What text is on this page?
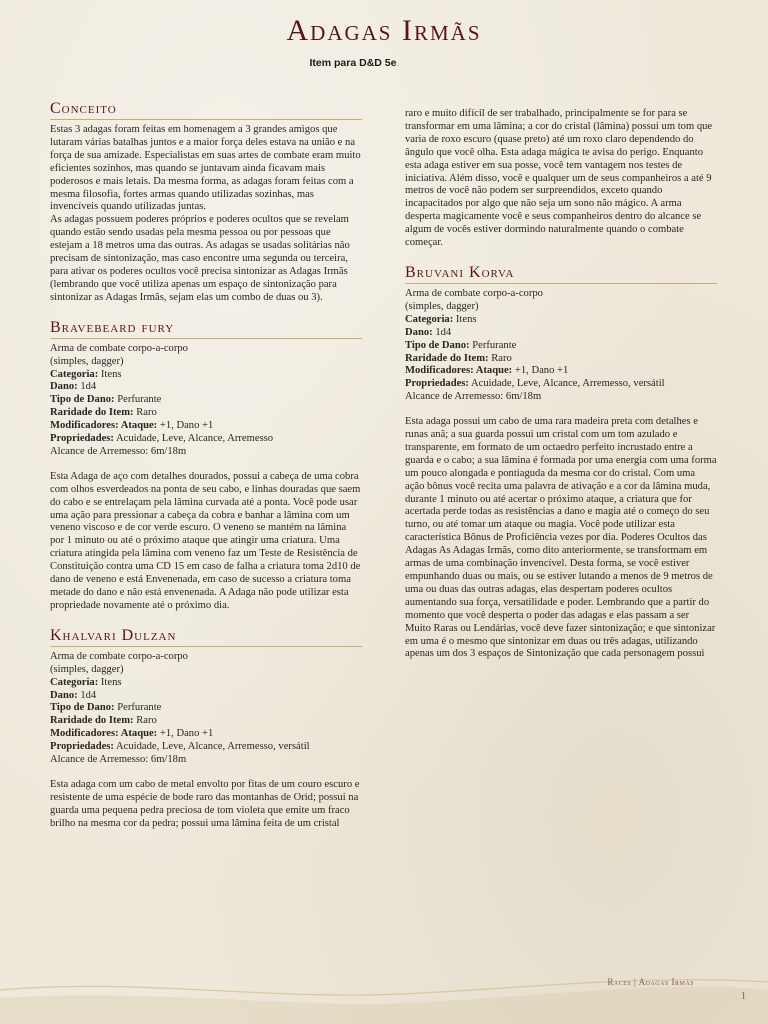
Adagas Irmãs
Item para D&D 5e
Conceito

Estas 3 adagas foram feitas em homenagem a 3 grandes amigos que lutaram várias batalhas juntos e a maior força deles estava na união e na força de sua amizade. Especialistas em suas artes de combate eram muito eficientes sozinhos, mas quando se juntavam ainda ficavam mais poderosos e mais letais. Da mesma forma, as adagas foram feitas com a mesma filosofia, fortes armas quando utilizadas sozinhas, mas invencíveis quando utilizadas juntas.

As adagas possuem poderes próprios e poderes ocultos que se revelam quando estão sendo usadas pela mesma pessoa ou por pessoas que estejam a 18 metros uma das outras. As adagas se usadas solitárias não precisam de sintonização, mas caso encontre uma segunda ou terceira, para ativar os poderes ocultos você precisa sintonizar as Adagas Irmãs (lembrando que você utiliza apenas um espaço de sintonização para sintonizar as Adagas Irmãs, sejam elas um combo de duas ou 3).

Bravebeard fury

Arma de combate corpo-a-corpo

(simples, dagger)

Categoria: Itens

Dano: 1d4

Tipo de Dano: Perfurante

Raridade do Item: Raro

Modificadores: Ataque: +1, Dano +1

Propriedades: Acuidade, Leve, Alcance, Arremesso

Alcance de Arremesso: 6m/18m

Esta Adaga de aço com detalhes dourados, possui a cabeça de uma cobra com olhos esverdeados na ponta de seu cabo, e linhas douradas que saem do cabo e se entrelaçam pela lâmina curvada até a ponta. Você pode usar uma ação para pressionar a cabeça da cobra e banhar a lâmina com um veneno viscoso e de cor verde escuro. O veneno se mantém na lâmina por 1 minuto ou até o próximo ataque que atingir uma criatura. Uma criatura atingida pela lâmina com veneno faz um Teste de Resistência de Constituição contra uma CD 15 em caso de falha a criatura toma 2d10 de dano de veneno e está Envenenada, em caso de sucesso a criatura toma metade do dano e não está envenenada. A Adaga não pode utilizar esta propriedade novamente até o próximo dia.

Khalvari Dulzan

Arma de combate corpo-a-corpo

(simples, dagger)

Categoria: Itens

Dano: 1d4

Tipo de Dano: Perfurante

Raridade do Item: Raro

Modificadores: Ataque: +1, Dano +1

Propriedades: Acuidade, Leve, Alcance, Arremesso, versátil

Alcance de Arremesso: 6m/18m

Esta adaga com um cabo de metal envolto por fitas de um couro escuro e resistente de uma espécie de bode raro das montanhas de Orid; possui na guarda uma pequena pedra preciosa de tom violeta que emite um fraco brilho na mesma cor da pedra; possui uma lâmina feita de um cristal

raro e muito difícil de ser trabalhado, principalmente se for para se transformar em uma lâmina; a cor do cristal (lâmina) possui um tom que varia de roxo escuro (quase preto) até um roxo claro dependendo do ângulo que você olha. Esta adaga mágica te avisa do perigo. Enquanto esta adaga estiver em sua posse, você tem vantagem nos testes de iniciativa. Além disso, você e qualquer um de seus companheiros a até 9 metros de você não podem ser surpreendidos, exceto quando incapacitados por algo que não seja um sono não mágico. A arma desperta magicamente você e seus companheiros dentro do alcance se algum de vocês estiver dormindo naturalmente quando o combate começar.

Bruvani Korva

Arma de combate corpo-a-corpo

(simples, dagger)

Categoria: Itens

Dano: 1d4

Tipo de Dano: Perfurante

Raridade do Item: Raro

Modificadores: Ataque: +1, Dano +1

Propriedades: Acuidade, Leve, Alcance, Arremesso, versátil

Alcance de Arremesso: 6m/18m

Esta adaga possui um cabo de uma rara madeira preta com detalhes e runas anã; a sua guarda possui um cristal com um tom azulado e transparente, em formato de um octaedro perfeito incrustado entre a guarda e o cabo; a sua lâmina é formada por uma energia com uma forma um pouco alongada e pontiaguda da mesma cor do cristal. Com uma ação bônus você recita uma palavra de ativação e a cor da lâmina muda, durante 1 minuto ou até acertar o próximo ataque, a criatura que for acertada perde todas as resistências a dano e magia até o começo do seu turno, ou até tomar um ataque ou magia. Você pode utilizar esta característica Bônus de Proficiência vezes por dia. Poderes Ocultos das Adagas As Adagas Irmãs, como dito anteriormente, se transformam em armas de uma combinação invencível. Desta forma, se você estiver empunhando duas ou mais, ou se estiver lutando a menos de 9 metros de uma ou duas das outras adagas, elas despertam poderes ocultos aumentando sua força, versatilidade e poder. Lembrando que a partir do momento que você desperta o poder das adagas e elas passam a ser Muito Raras ou Lendárias, você deve fazer sintonização; e que sintonizar em uma é o mesmo que sintonizar em duas ou três adagas, utilizando apenas um dos 3 espaços de Sintonização que cada personagem possui

Races | Adagas Irmãs
1
